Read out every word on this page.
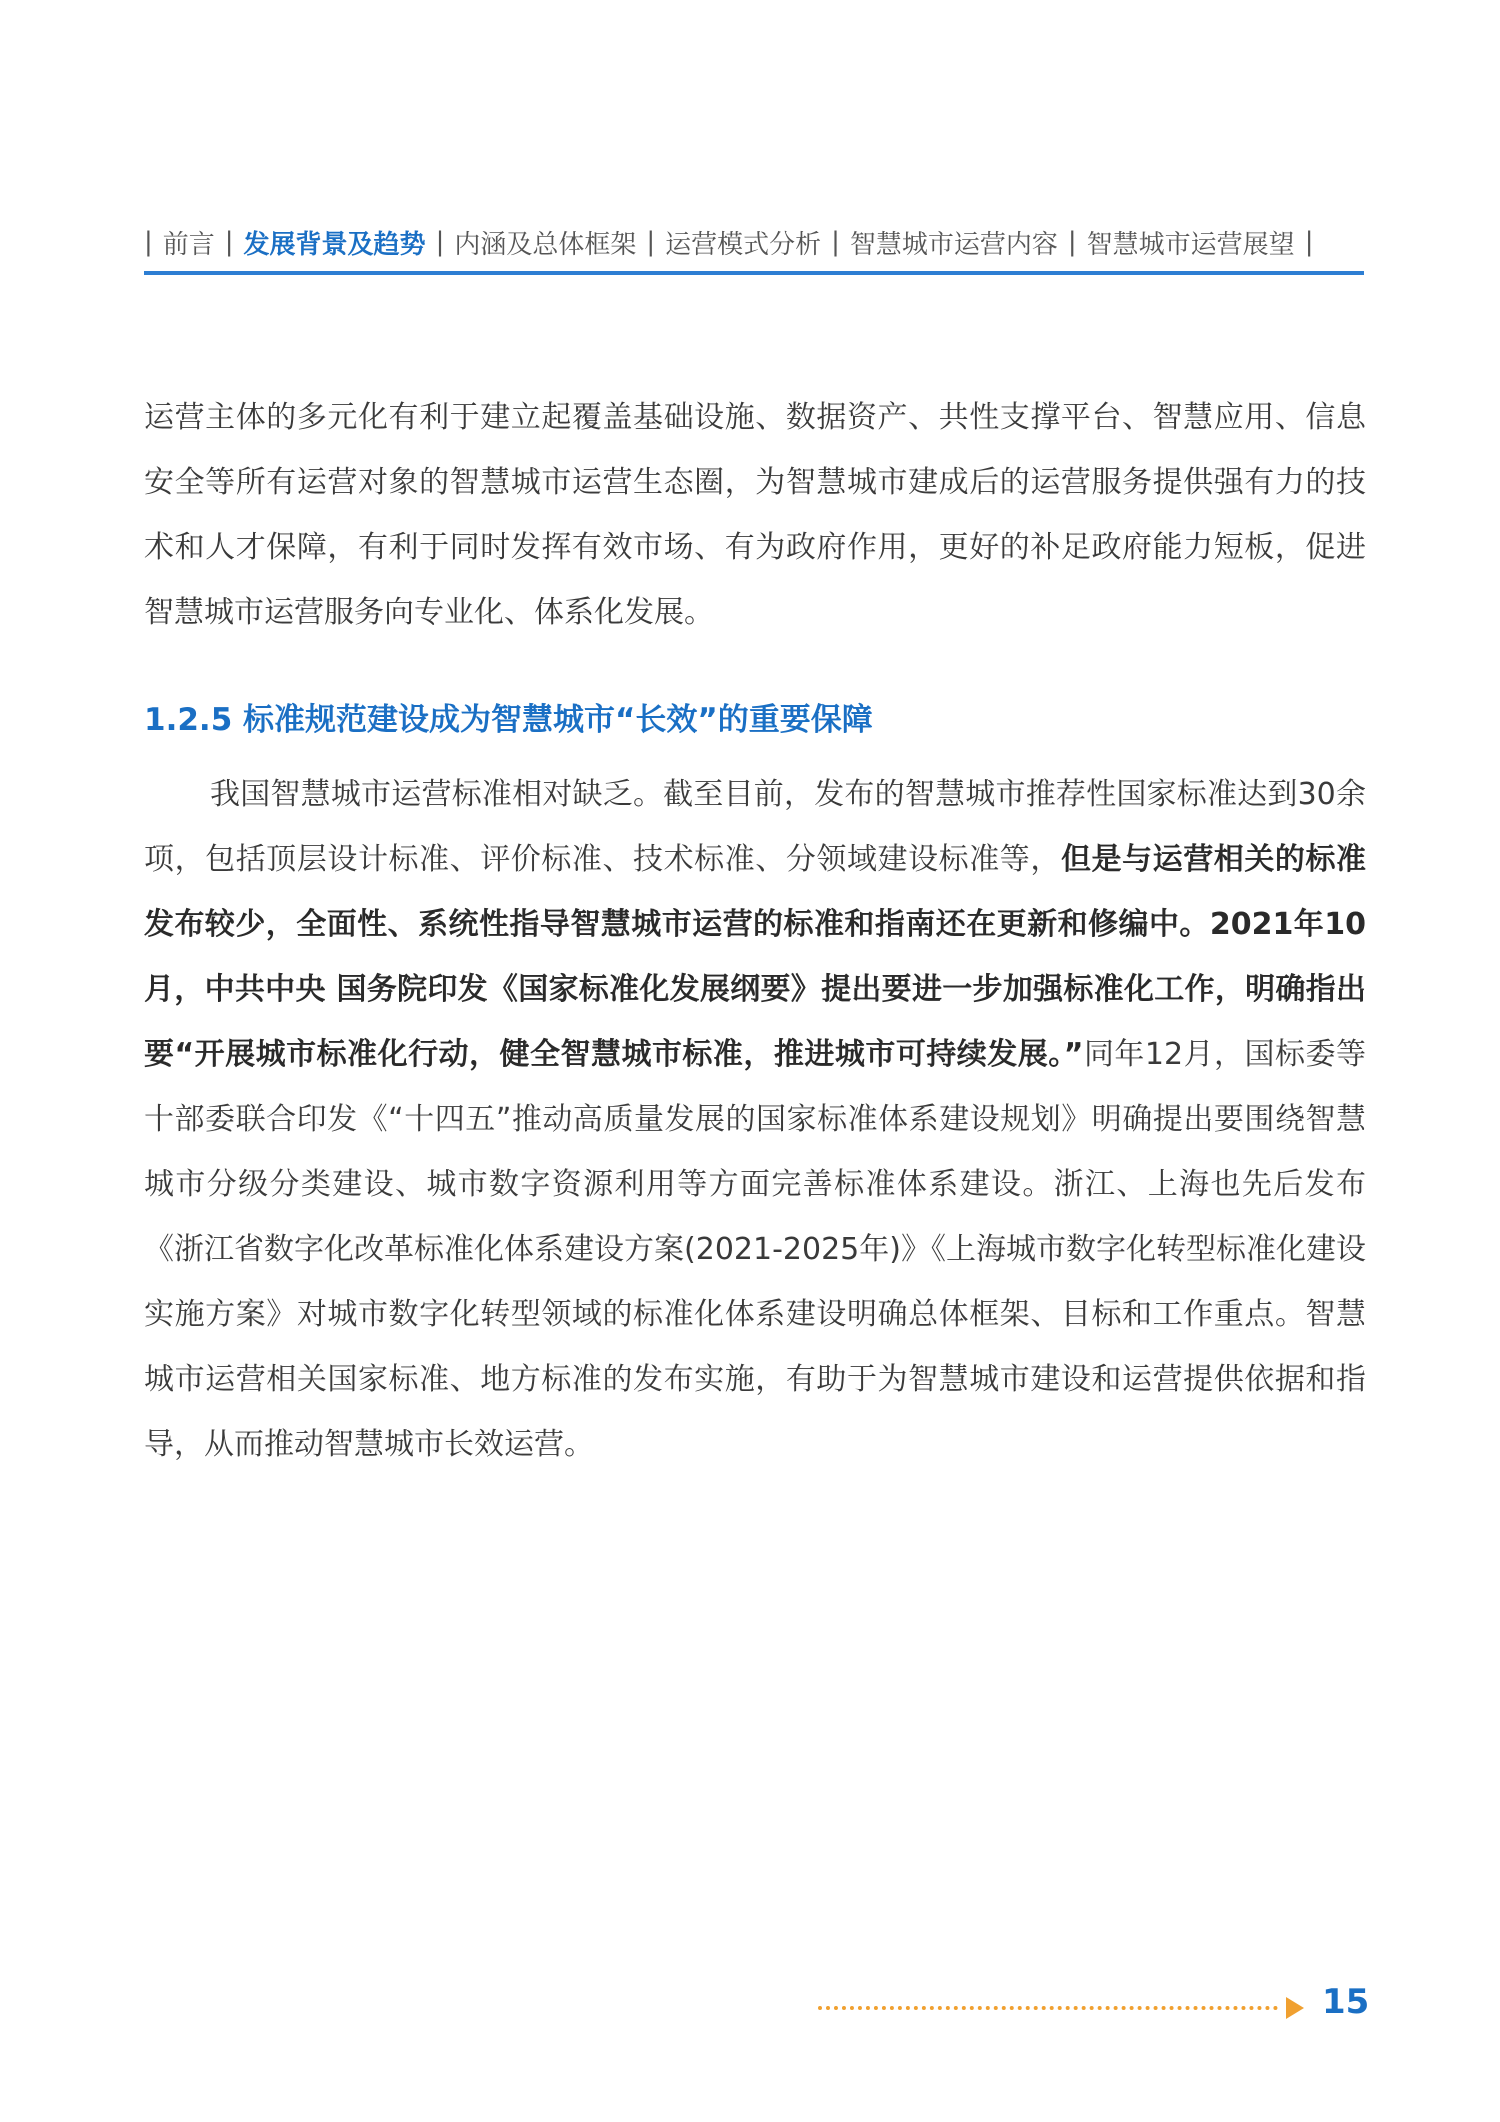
| 前言 | 发展背景及趋势 | 内涵及总体框架 | 运营模式分析 | 智慧城市运营内容 | 智慧城市运营展望 |

运营主体的多元化有利于建立起覆盖基础设施、数据资产、共性支撑平台、智慧应用、信息安全等所有运营对象的智慧城市运营生态圈，为智慧城市建成后的运营服务提供强有力的技术和人才保障，有利于同时发挥有效市场、有为政府作用，更好的补足政府能力短板，促进智慧城市运营服务向专业化、体系化发展。

1.2.5 标准规范建设成为智慧城市“长效”的重要保障

我国智慧城市运营标准相对缺乏。截至目前，发布的智慧城市推荐性国家标准达到30余项，包括顶层设计标准、评价标准、技术标准、分领域建设标准等，但是与运营相关的标准发布较少，全面性、系统性指导智慧城市运营的标准和指南还在更新和修编中。2021年10月，中共中央 国务院印发《国家标准化发展纲要》提出要进一步加强标准化工作，明确指出要“开展城市标准化行动，健全智慧城市标准，推进城市可持续发展。”同年12月，国标委等十部委联合印发《“十四五”推动高质量发展的国家标准体系建设规划》明确提出要围绕智慧城市分级分类建设、城市数字资源利用等方面完善标准体系建设。浙江、上海也先后发布《浙江省数字化改革标准化体系建设方案(2021-2025年)》《上海城市数字化转型标准化建设实施方案》对城市数字化转型领域的标准化体系建设明确总体框架、目标和工作重点。智慧城市运营相关国家标准、地方标准的发布实施，有助于为智慧城市建设和运营提供依据和指导，从而推动智慧城市长效运营。

15
